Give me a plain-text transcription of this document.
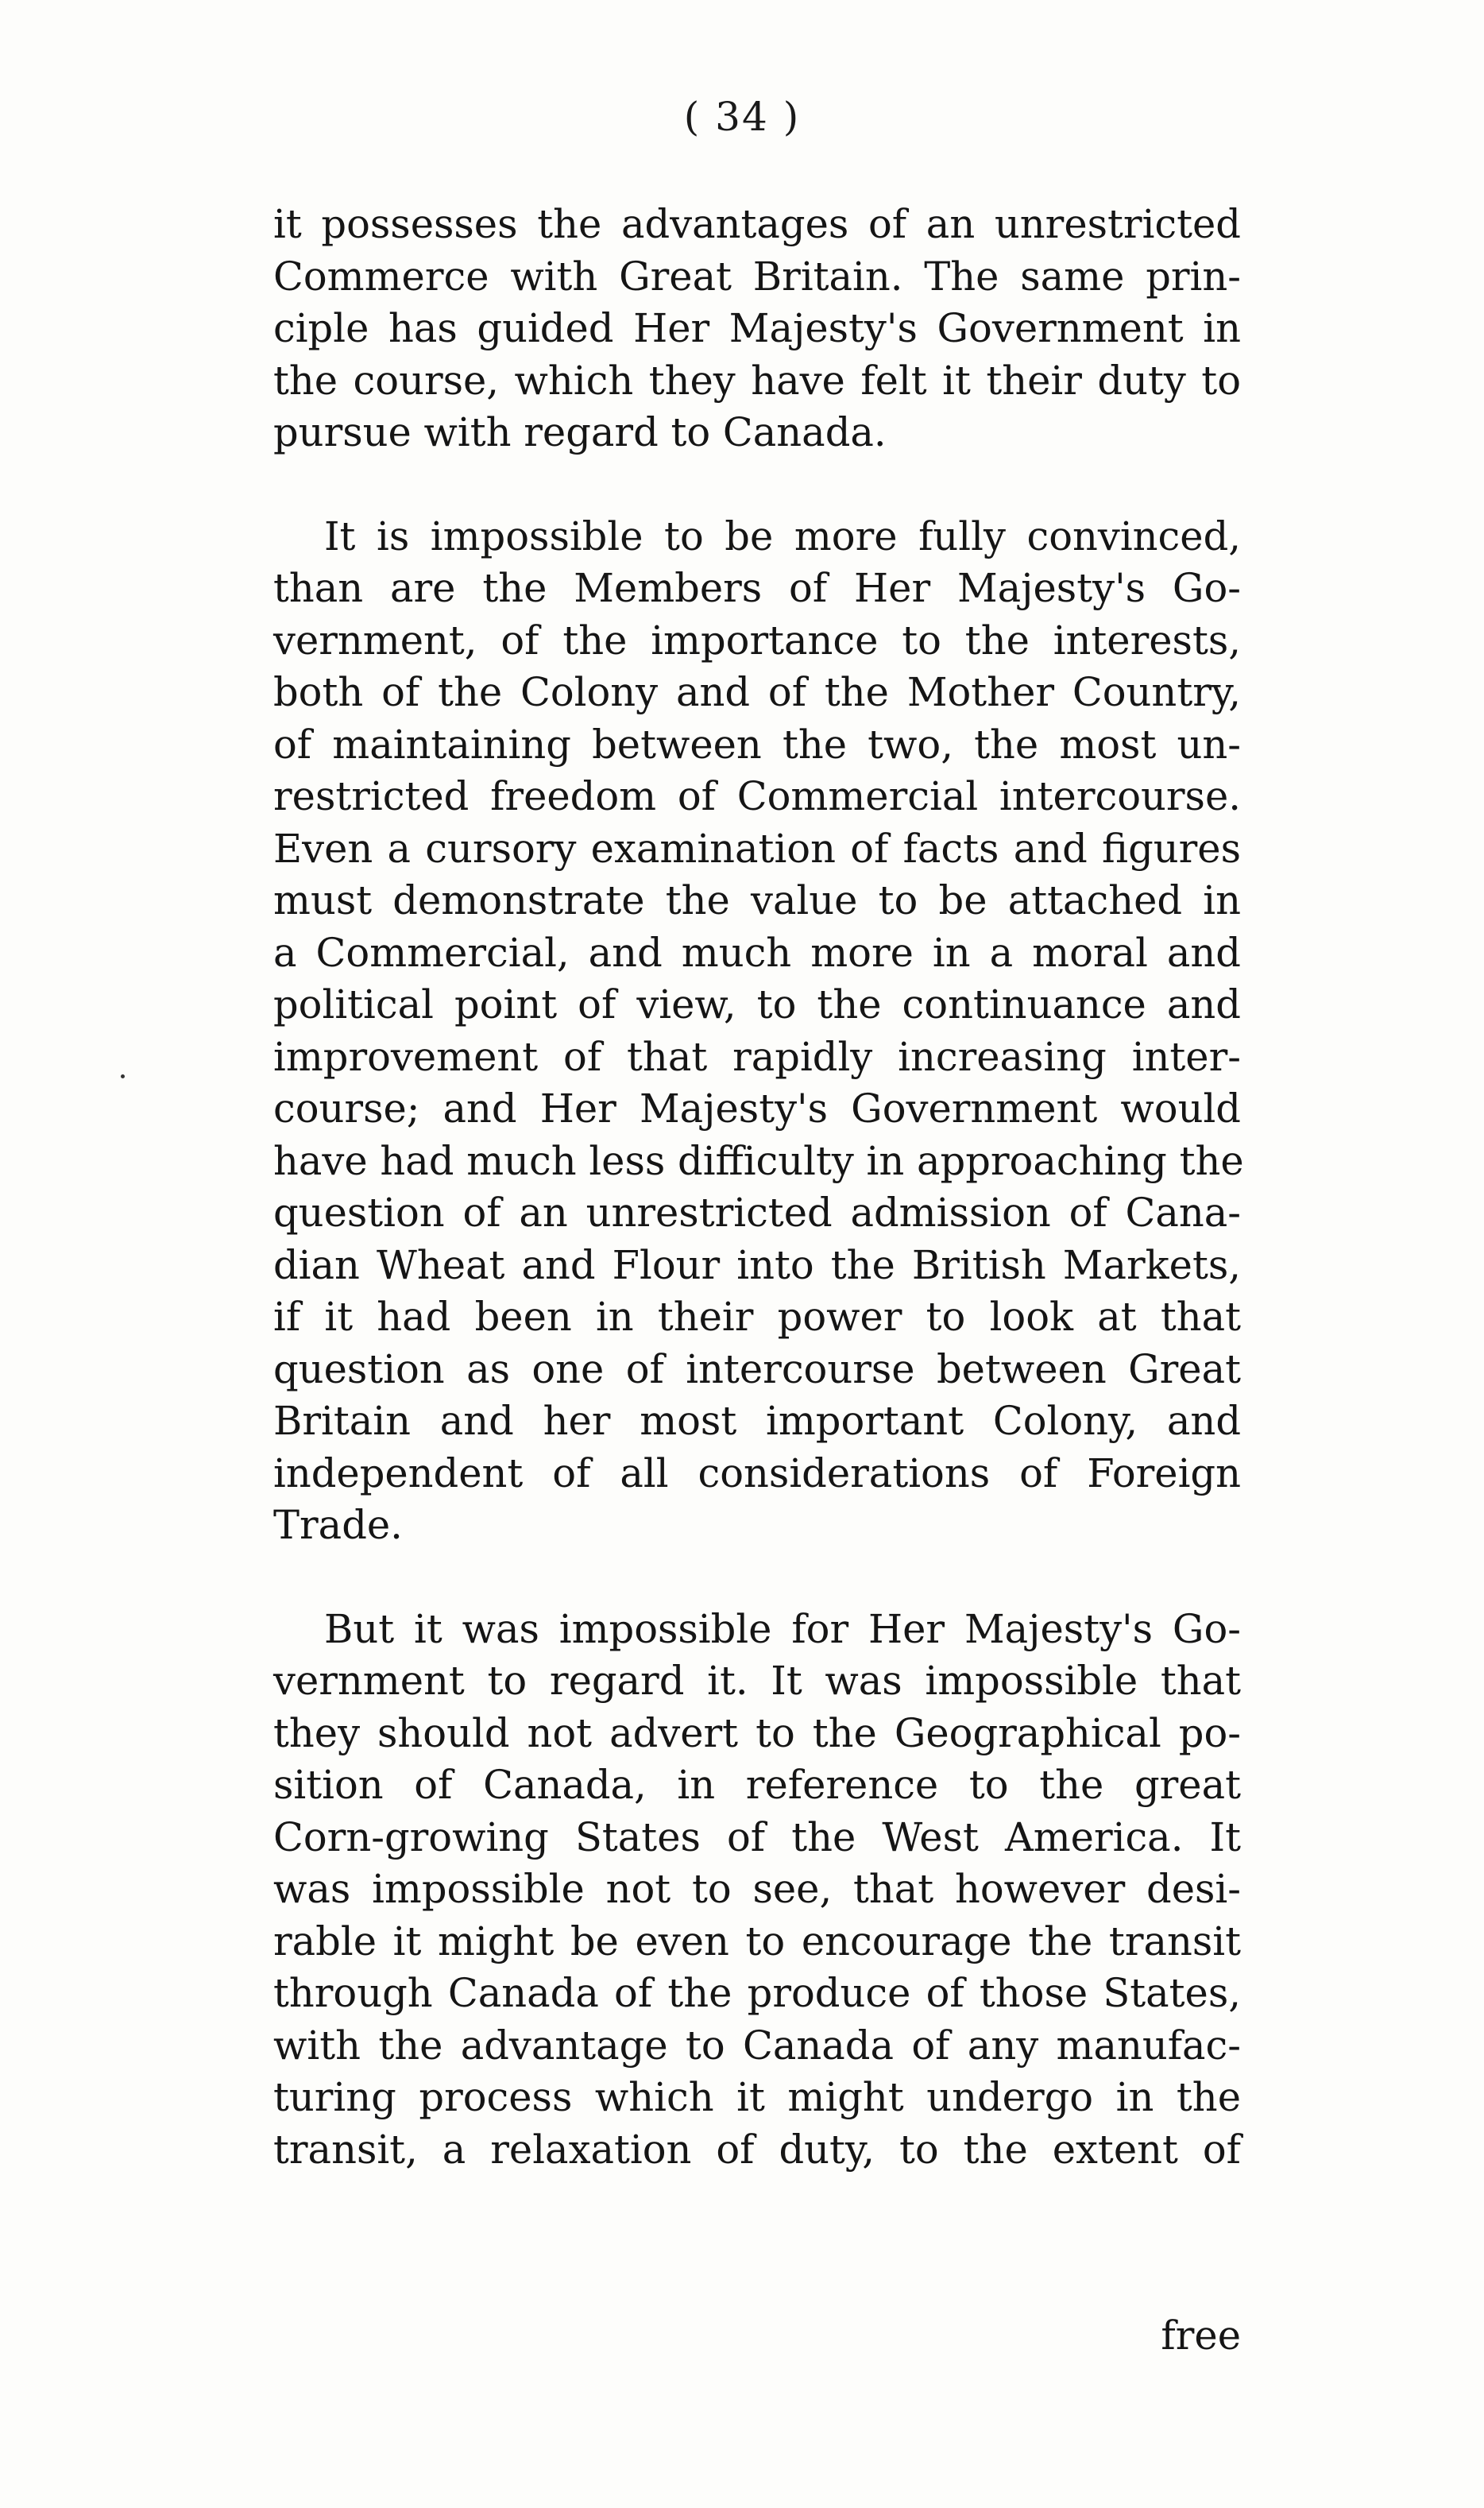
( 34 )
it possesses the advantages of an unrestricted
Commerce with Great Britain. The same prin-
ciple has guided Her Majesty's Government in
the course, which they have felt it their duty to
pursue with regard to Canada.
It is impossible to be more fully convinced,
than are the Members of Her Majesty's Go-
vernment, of the importance to the interests,
both of the Colony and of the Mother Country,
of maintaining between the two, the most un-
restricted freedom of Commercial intercourse.
Even a cursory examination of facts and figures
must demonstrate the value to be attached in
a Commercial, and much more in a moral and
political point of view, to the continuance and
improvement of that rapidly increasing inter-
course; and Her Majesty's Government would
have had much less difficulty in approaching the
question of an unrestricted admission of Cana-
dian Wheat and Flour into the British Markets,
if it had been in their power to look at that
question as one of intercourse between Great
Britain and her most important Colony, and
independent of all considerations of Foreign
Trade.
But it was impossible for Her Majesty's Go-
vernment to regard it. It was impossible that
they should not advert to the Geographical po-
sition of Canada, in reference to the great
Corn-growing States of the West America. It
was impossible not to see, that however desi-
rable it might be even to encourage the transit
through Canada of the produce of those States,
with the advantage to Canada of any manufac-
turing process which it might undergo in the
transit, a relaxation of duty, to the extent of
free
